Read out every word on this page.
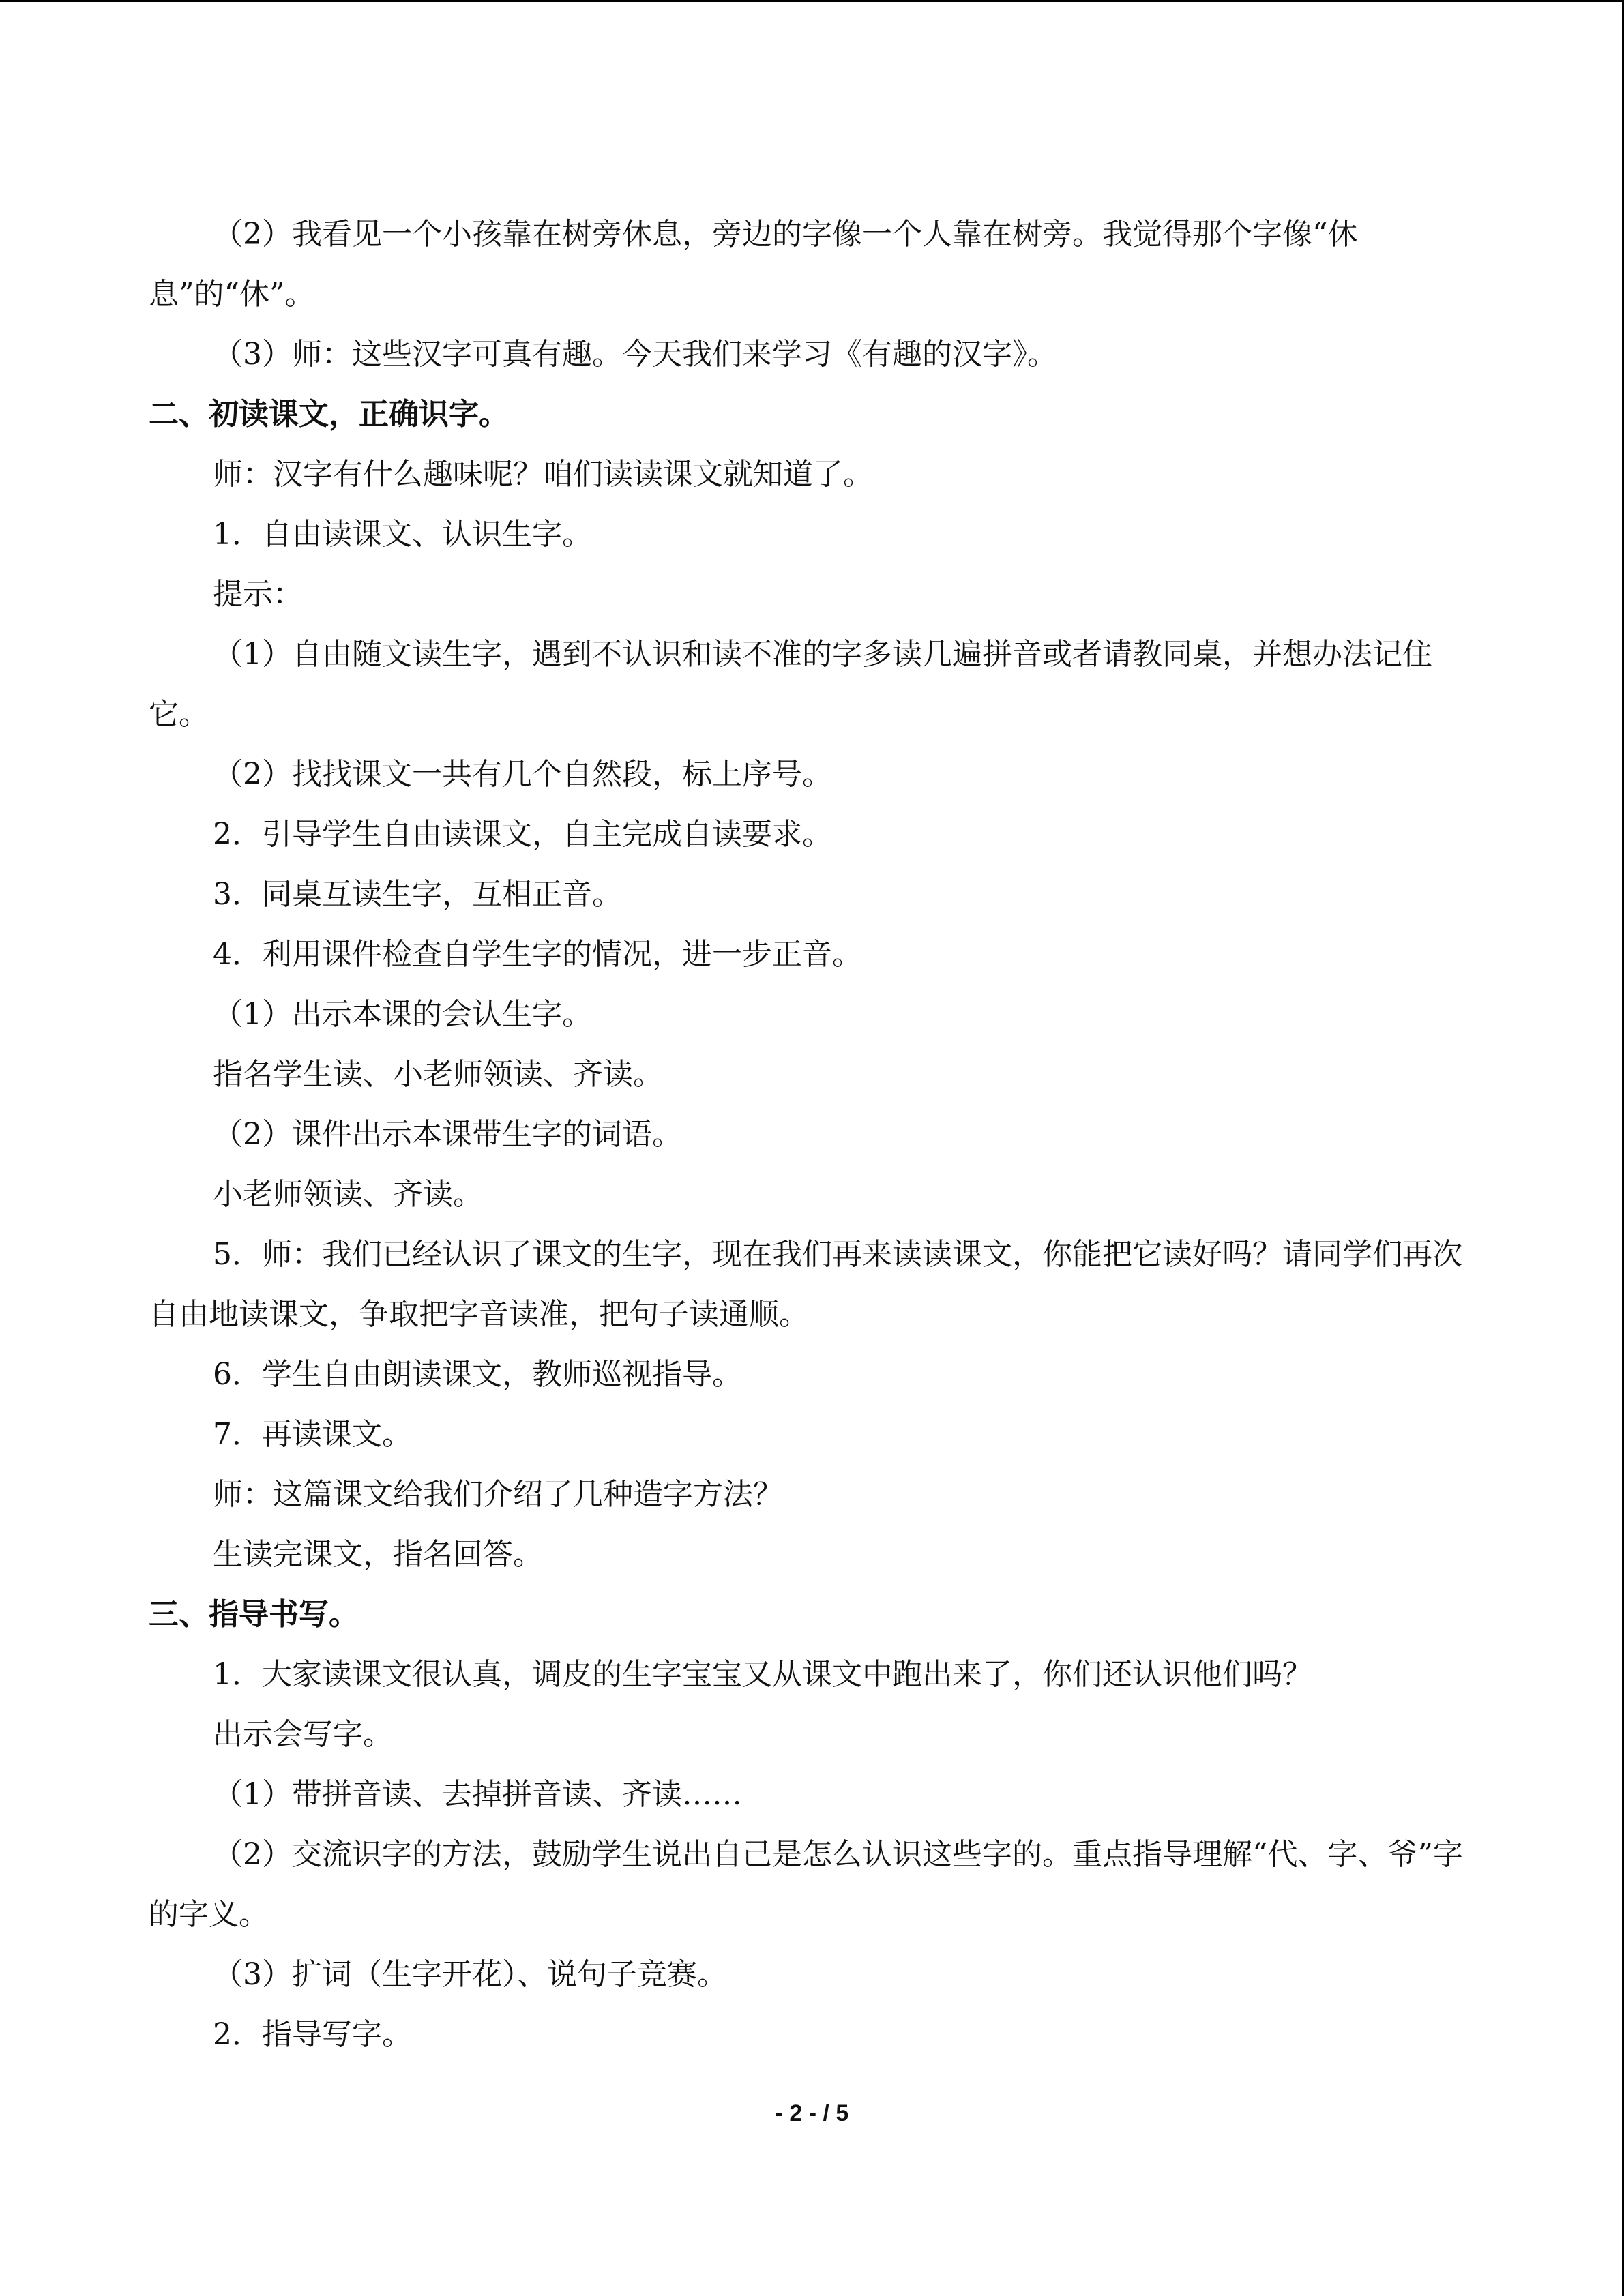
（2）我看见一个小孩靠在树旁休息，旁边的字像一个人靠在树旁。我觉得那个字像“休息”的“休”。

（3）师：这些汉字可真有趣。今天我们来学习《有趣的汉字》。

二、初读课文，正确识字。

师：汉字有什么趣味呢？咱们读读课文就知道了。

1．自由读课文、认识生字。

提示：

（1）自由随文读生字，遇到不认识和读不准的字多读几遍拼音或者请教同桌，并想办法记住它。

（2）找找课文一共有几个自然段，标上序号。

2．引导学生自由读课文，自主完成自读要求。

3．同桌互读生字，互相正音。

4．利用课件检查自学生字的情况，进一步正音。

（1）出示本课的会认生字。

指名学生读、小老师领读、齐读。

（2）课件出示本课带生字的词语。

小老师领读、齐读。

5．师：我们已经认识了课文的生字，现在我们再来读读课文，你能把它读好吗？请同学们再次自由地读课文，争取把字音读准，把句子读通顺。

6．学生自由朗读课文，教师巡视指导。

7．再读课文。

师：这篇课文给我们介绍了几种造字方法？

生读完课文，指名回答。

三、指导书写。

1．大家读课文很认真，调皮的生字宝宝又从课文中跑出来了，你们还认识他们吗？

出示会写字。

（1）带拼音读、去掉拼音读、齐读……

（2）交流识字的方法，鼓励学生说出自己是怎么认识这些字的。重点指导理解“代、字、爷”字的字义。

（3）扩词（生字开花）、说句子竞赛。

2．指导写字。

- 2 - / 5
